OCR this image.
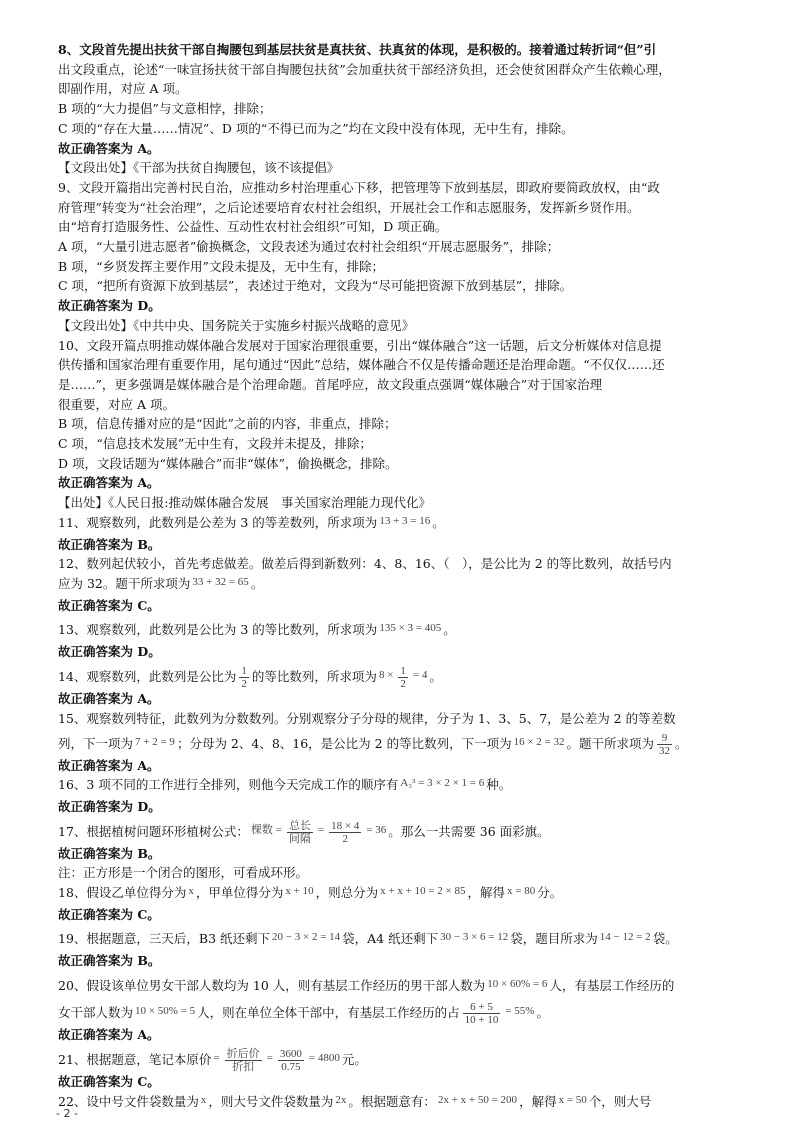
8、文段首先提出扶贫干部自掏腰包到基层扶贫是真扶贫、扶真贫的体现，是积极的。接着通过转折词“但”引
出文段重点，论述“一味宣扬扶贫干部自掏腰包扶贫”会加重扶贫干部经济负担，还会使贫困群众产生依赖心理，
即副作用，对应 A 项。
B 项的“大力提倡”与文意相悖，排除；
C 项的“存在大量……情况”、D 项的“不得已而为之”均在文段中没有体现，无中生有，排除。
故正确答案为 A。
【文段出处】《干部为扶贫自掏腰包，该不该提倡》
9、文段开篇指出完善村民自治，应推动乡村治理重心下移，把管理等下放到基层，即政府要简政放权，由“政
府管理”转变为“社会治理”，之后论述要培育农村社会组织，开展社会工作和志愿服务，发挥新乡贤作用。
由“培育打造服务性、公益性、互动性农村社会组织”可知，D 项正确。
A 项，“大量引进志愿者”偷换概念，文段表述为通过农村社会组织“开展志愿服务”，排除；
B 项，“乡贤发挥主要作用”文段未提及，无中生有，排除；
C 项，“把所有资源下放到基层”，表述过于绝对，文段为“尽可能把资源下放到基层”，排除。
故正确答案为 D。
【文段出处】《中共中央、国务院关于实施乡村振兴战略的意见》
10、文段开篇点明推动媒体融合发展对于国家治理很重要，引出“媒体融合”这一话题，后文分析媒体对信息提
供传播和国家治理有重要作用，尾句通过“因此”总结，媒体融合不仅是传播命题还是治理命题。“不仅仅……还
是……”，更多强调是媒体融合是个治理命题。首尾呼应，故文段重点强调“媒体融合”对于国家治理
很重要，对应 A 项。
B 项，信息传播对应的是“因此”之前的内容，非重点，排除；
C 项，“信息技术发展”无中生有，文段并未提及，排除；
D 项，文段话题为“媒体融合”而非“媒体”，偷换概念，排除。
故正确答案为 A。
【出处】《人民日报:推动媒体融合发展　事关国家治理能力现代化》
11、观察数列，此数列是公差为 3 的等差数列，所求项为 13 + 3 = 16 。
故正确答案为 B。
12、数列起伏较小，首先考虑做差。做差后得到新数列：4、8、16、（　），是公比为 2 的等比数列，故括号内
应为 32。题干所求项为 33 + 32 = 65 。
故正确答案为 C。
13、观察数列，此数列是公比为 3 的等比数列，所求项为 135 × 3 = 405 。
故正确答案为 D。
14、观察数列，此数列是公比为 $\frac{1}{2}$ 的等比数列，所求项为 $8 \times \frac{1}{2} = 4$ 。
故正确答案为 A。
15、观察数列特征，此数列为分数数列。分别观察分子分母的规律，分子为 1、3、5、7，是公差为 2 的等差数
列，下一项为 7 + 2 = 9 ；分母为 2、4、8、16，是公比为 2 的等比数列，下一项为 16 × 2 = 32 。题干所求项为 $\frac{9}{32}$ 。
故正确答案为 A。
16、3 项不同的工作进行全排列，则他今天完成工作的顺序有 A₃³ = 3 × 2 × 1 = 6 种。
故正确答案为 D。
17、根据植树问题环形植树公式： 棵数 = $\frac{\text{总长}}{\text{间隔}} = \frac{18 \times 4}{2} = 36$ 。那么一共需要 36 面彩旗。
故正确答案为 B。
注：正方形是一个闭合的图形，可看成环形。
18、假设乙单位得分为 x ，甲单位得分为 x + 10 ，则总分为 x + x + 10 = 2 × 85 ，解得 x = 80 分。
故正确答案为 C。
19、根据题意，三天后，B3 纸还剩下 20 − 3 × 2 = 14 袋，A4 纸还剩下 30 − 3 × 6 = 12 袋，题目所求为 14 − 12 = 2 袋。
故正确答案为 B。
20、假设该单位男女干部人数均为 10 人，则有基层工作经历的男干部人数为 10 × 60% = 6 人，有基层工作经历的
女干部人数为 10 × 50% = 5 人，则在单位全体干部中，有基层工作经历的占 $\frac{6 + 5}{10 + 10} = 55\%$ 。
故正确答案为 A。
21、根据题意，笔记本原价 = $\frac{\text{折后价}}{\text{折扣}} = \frac{3600}{0.75} = 4800$ 元。
故正确答案为 C。
22、设中号文件袋数量为 x ，则大号文件袋数量为 2x 。根据题意有： 2x + x + 50 = 200 ，解得 x = 50 个，则大号
- 2 -
